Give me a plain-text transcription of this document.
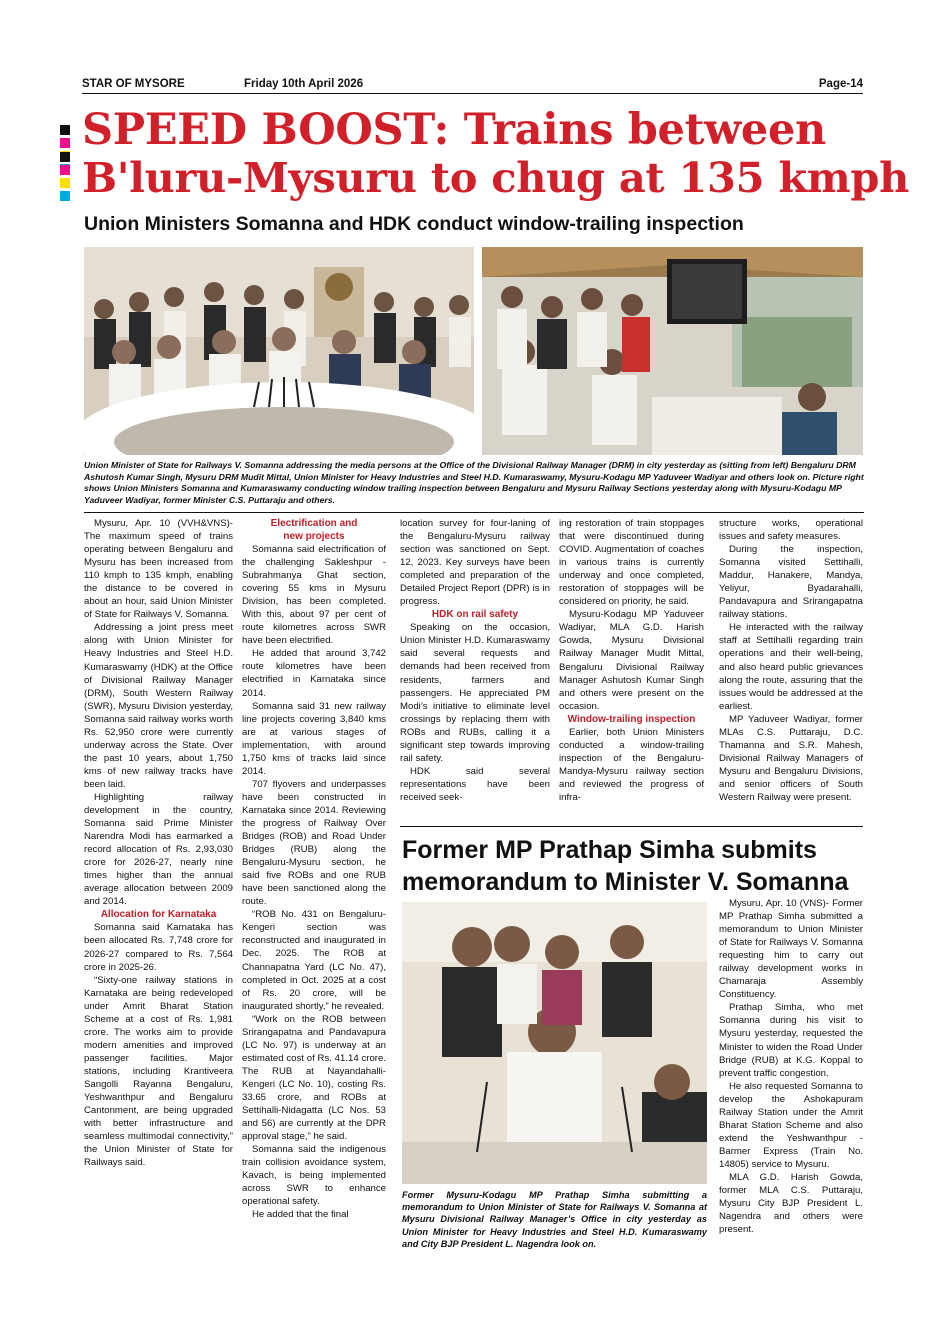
STAR OF MYSORE	Friday 10th April 2026	Page-14
SPEED BOOST: Trains between
B'luru-Mysuru to chug at 135 kmph
Union Ministers Somanna and HDK conduct window-trailing inspection
Union Minister of State for Railways V. Somanna addressing the media persons at the Office of the Divisional Railway Manager (DRM) in city yesterday as (sitting from left) Bengaluru DRM Ashutosh Kumar Singh, Mysuru DRM Mudit Mittal, Union Minister for Heavy Industries and Steel H.D. Kumaraswamy, Mysuru-Kodagu MP Yaduveer Wadiyar and others look on. Picture right shows Union Ministers Somanna and Kumaraswamy conducting window trailing inspection between Bengaluru and Mysuru Railway Sections yesterday along with Mysuru-Kodagu MP Yaduveer Wadiyar, former Minister C.S. Puttaraju and others.

Mysuru, Apr. 10 (VVH&VNS)- The maximum speed of trains operating between Bengaluru and Mysuru has been increased from 110 kmph to 135 kmph, enabling the distance to be covered in about an hour, said Union Minister of State for Railways V. Somanna.

Addressing a joint press meet along with Union Minister for Heavy Industries and Steel H.D. Kumaraswamy (HDK) at the Office of Divisional Railway Manager (DRM), South Western Railway (SWR), Mysuru Division yesterday, Somanna said railway works worth Rs. 52,950 crore were currently underway across the State. Over the past 10 years, about 1,750 kms of new railway tracks have been laid.

Highlighting railway development in the country, Somanna said Prime Minister Narendra Modi has earmarked a record allocation of Rs. 2,93,030 crore for 2026-27, nearly nine times higher than the annual average allocation between 2009 and 2014.

Allocation for Karnataka

Somanna said Karnataka has been allocated Rs. 7,748 crore for 2026-27 compared to Rs. 7,564 crore in 2025-26.

“Sixty-one railway stations in Karnataka are being redeveloped under Amrit Bharat Station Scheme at a cost of Rs. 1,981 crore. The works aim to provide modern amenities and improved passenger facilities. Major stations, including Krantiveera Sangolli Rayanna Bengaluru, Yeshwanthpur and Bengaluru Cantonment, are being upgraded with better infrastructure and seamless multimodal connectivity,” the Union Minister of State for Railways said.

Electrification and

new projects

Somanna said electrification of the challenging Sakleshpur - Subrahmanya Ghat section, covering 55 kms in Mysuru Division, has been completed. With this, about 97 per cent of route kilometres across SWR have been electrified.

He added that around 3,742 route kilometres have been electrified in Karnataka since 2014.

Somanna said 31 new railway line projects covering 3,840 kms are at various stages of implementation, with around 1,750 kms of tracks laid since 2014.

707 flyovers and underpasses have been constructed in Karnataka since 2014. Reviewing the progress of Railway Over Bridges (ROB) and Road Under Bridges (RUB) along the Bengaluru-Mysuru section, he said five ROBs and one RUB have been sanctioned along the route.

“ROB No. 431 on Bengaluru-Kengeri section was reconstructed and inaugurated in Dec. 2025. The ROB at Channapatna Yard (LC No. 47), completed in Oct. 2025 at a cost of Rs. 20 crore, will be inaugurated shortly,” he revealed.

“Work on the ROB between Srirangapatna and Pandavapura (LC No. 97) is underway at an estimated cost of Rs. 41.14 crore. The RUB at Nayandahalli-Kengeri (LC No. 10), costing Rs. 33.65 crore, and ROBs at Settihalli-Nidagatta (LC Nos. 53 and 56) are currently at the DPR approval stage,” he said.

Somanna said the indigenous train collision avoidance system, Kavach, is being implemented across SWR to enhance operational safety.

He added that the final

location survey for four-laning of the Bengaluru-Mysuru railway section was sanctioned on Sept. 12, 2023. Key surveys have been completed and preparation of the Detailed Project Report (DPR) is in progress.

HDK on rail safety

Speaking on the occasion, Union Minister H.D. Kumaraswamy said several requests and demands had been received from residents, farmers and passengers. He appreciated PM Modi’s initiative to eliminate level crossings by replacing them with ROBs and RUBs, calling it a significant step towards improving rail safety.

HDK said several representations have been received seek-

ing restoration of train stoppages that were discontinued during COVID. Augmentation of coaches in various trains is currently underway and once completed, restoration of stoppages will be considered on priority, he said.

Mysuru-Kodagu MP Yaduveer Wadiyar, MLA G.D. Harish Gowda, Mysuru Divisional Railway Manager Mudit Mittal, Bengaluru Divisional Railway Manager Ashutosh Kumar Singh and others were present on the occasion.

Window-trailing inspection

Earlier, both Union Ministers conducted a window-trailing inspection of the Bengaluru-Mandya-Mysuru railway section and reviewed the progress of infra-

structure works, operational issues and safety measures.

During the inspection, Somanna visited Settihalli, Maddur, Hanakere, Mandya, Yeliyur, Byadarahalli, Pandavapura and Srirangapatna railway stations.

He interacted with the railway staff at Settihalli regarding train operations and their well-being, and also heard public grievances along the route, assuring that the issues would be addressed at the earliest.

MP Yaduveer Wadiyar, former MLAs C.S. Puttaraju, D.C. Thamanna and S.R. Mahesh, Divisional Railway Managers of Mysuru and Bengaluru Divisions, and senior officers of South Western Railway were present.

Former MP Prathap Simha submits
memorandum to Minister V. Somanna
Former Mysuru-Kodagu MP Prathap Simha submitting a memorandum to Union Minister of State for Railways V. Somanna at Mysuru Divisional Railway Manager’s Office in city yesterday as Union Minister for Heavy Industries and Steel H.D. Kumaraswamy and City BJP President L. Nagendra look on.

Mysuru, Apr. 10 (VNS)- Former MP Prathap Simha submitted a memorandum to Union Minister of State for Railways V. Somanna requesting him to carry out railway development works in Chamaraja Assembly Constituency.

Prathap Simha, who met Somanna during his visit to Mysuru yesterday, requested the Minister to widen the Road Under Bridge (RUB) at K.G. Koppal to prevent traffic congestion.

He also requested Somanna to develop the Ashokapuram Railway Station under the Amrit Bharat Station Scheme and also extend the Yeshwanthpur - Barmer Express (Train No. 14805) service to Mysuru.

MLA G.D. Harish Gowda, former MLA C.S. Puttaraju, Mysuru City BJP President L. Nagendra and others were present.
